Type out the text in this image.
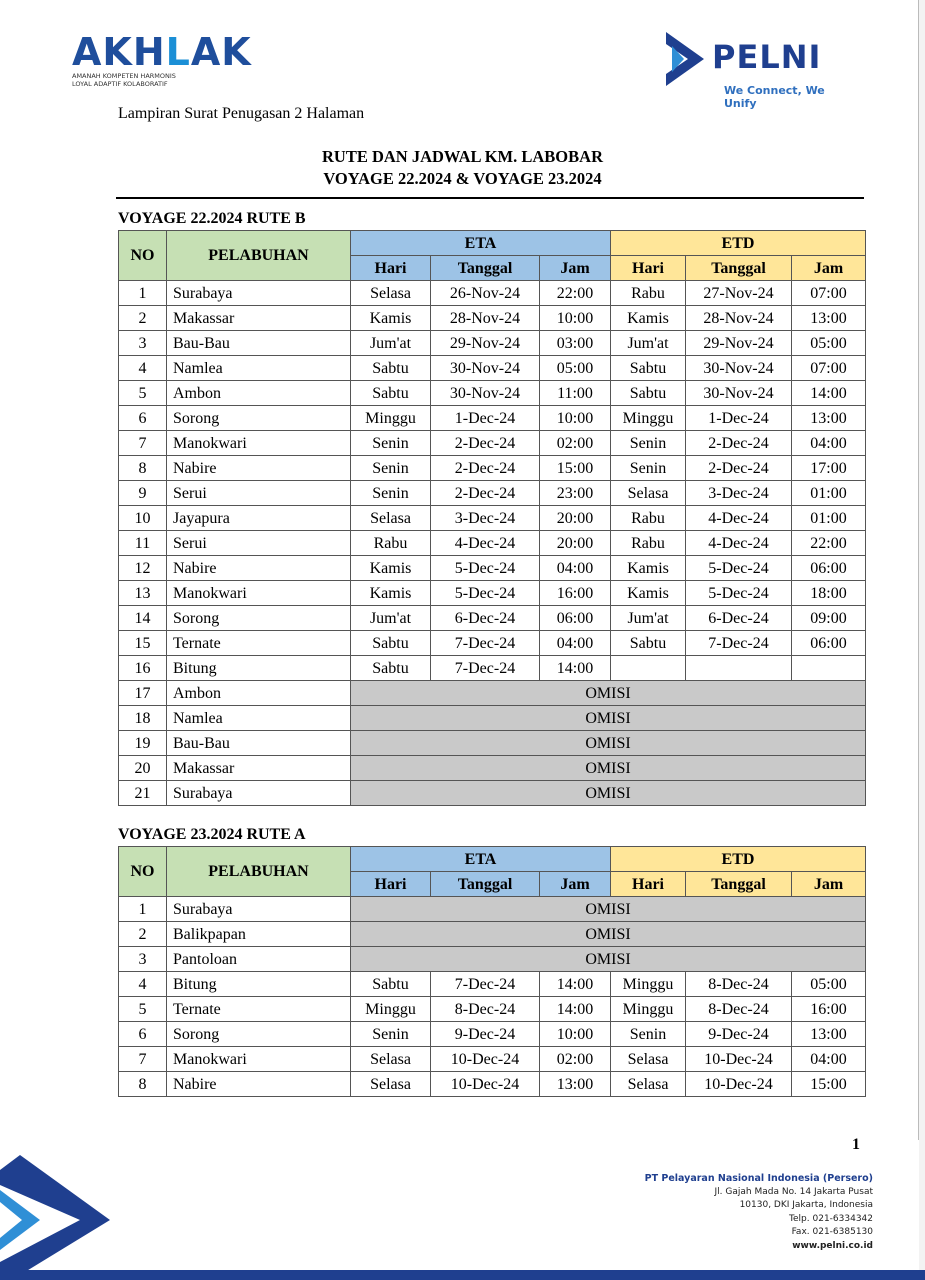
AKHLAK
AMANAH KOMPETEN HARMONIS
LOYAL ADAPTIF KOLABORATIF
PELNI
We Connect, We Unify
Lampiran Surat Penugasan 2 Halaman
RUTE DAN JADWAL KM. LABOBAR
VOYAGE 22.2024 & VOYAGE 23.2024
VOYAGE 22.2024 RUTE B
NO	PELABUHAN	ETA			ETD		
		Hari	Tanggal	Jam	Hari	Tanggal	Jam
1	Surabaya	Selasa	26-Nov-24	22:00	Rabu	27-Nov-24	07:00
2	Makassar	Kamis	28-Nov-24	10:00	Kamis	28-Nov-24	13:00
3	Bau-Bau	Jum'at	29-Nov-24	03:00	Jum'at	29-Nov-24	05:00
4	Namlea	Sabtu	30-Nov-24	05:00	Sabtu	30-Nov-24	07:00
5	Ambon	Sabtu	30-Nov-24	11:00	Sabtu	30-Nov-24	14:00
6	Sorong	Minggu	1-Dec-24	10:00	Minggu	1-Dec-24	13:00
7	Manokwari	Senin	2-Dec-24	02:00	Senin	2-Dec-24	04:00
8	Nabire	Senin	2-Dec-24	15:00	Senin	2-Dec-24	17:00
9	Serui	Senin	2-Dec-24	23:00	Selasa	3-Dec-24	01:00
10	Jayapura	Selasa	3-Dec-24	20:00	Rabu	4-Dec-24	01:00
11	Serui	Rabu	4-Dec-24	20:00	Rabu	4-Dec-24	22:00
12	Nabire	Kamis	5-Dec-24	04:00	Kamis	5-Dec-24	06:00
13	Manokwari	Kamis	5-Dec-24	16:00	Kamis	5-Dec-24	18:00
14	Sorong	Jum'at	6-Dec-24	06:00	Jum'at	6-Dec-24	09:00
15	Ternate	Sabtu	7-Dec-24	04:00	Sabtu	7-Dec-24	06:00
16	Bitung	Sabtu	7-Dec-24	14:00			
17	Ambon	OMISI					
18	Namlea	OMISI					
19	Bau-Bau	OMISI					
20	Makassar	OMISI					
21	Surabaya	OMISI					
VOYAGE 23.2024 RUTE A
NO	PELABUHAN	ETA			ETD		
		Hari	Tanggal	Jam	Hari	Tanggal	Jam
1	Surabaya	OMISI					
2	Balikpapan	OMISI					
3	Pantoloan	OMISI					
4	Bitung	Sabtu	7-Dec-24	14:00	Minggu	8-Dec-24	05:00
5	Ternate	Minggu	8-Dec-24	14:00	Minggu	8-Dec-24	16:00
6	Sorong	Senin	9-Dec-24	10:00	Senin	9-Dec-24	13:00
7	Manokwari	Selasa	10-Dec-24	02:00	Selasa	10-Dec-24	04:00
8	Nabire	Selasa	10-Dec-24	13:00	Selasa	10-Dec-24	15:00
1
PT Pelayaran Nasional Indonesia (Persero)
Jl. Gajah Mada No. 14 Jakarta Pusat
10130, DKI Jakarta, Indonesia
Telp. 021-6334342
Fax. 021-6385130
www.pelni.co.id
